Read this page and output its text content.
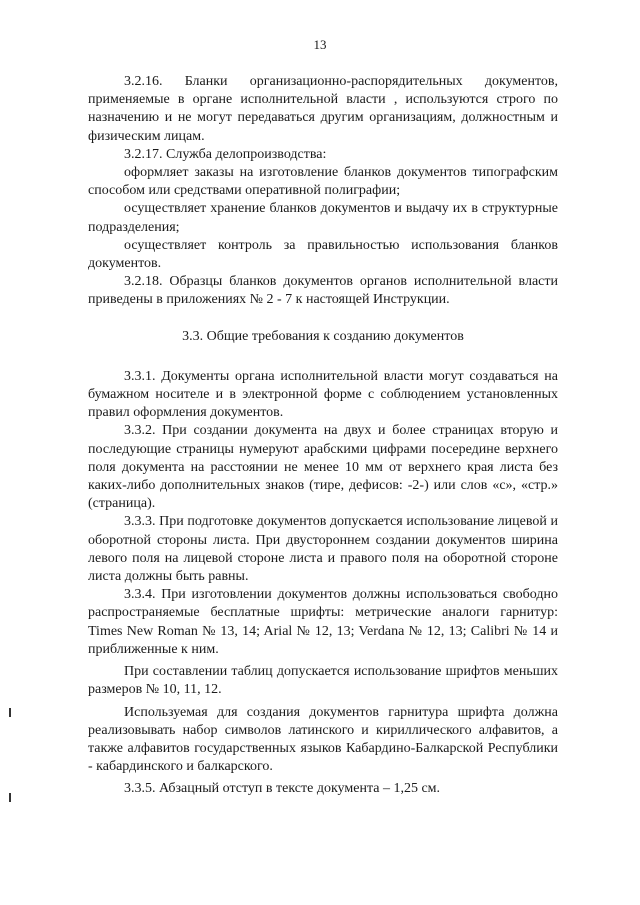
13

3.2.16. Бланки организационно-распорядительных документов, применяемые в органе исполнительной власти , используются строго по назначению и не могут передаваться другим организациям, должностным и физическим лицам.

3.2.17. Служба делопроизводства:

оформляет заказы на изготовление бланков документов типографским способом или средствами оперативной полиграфии;

осуществляет хранение бланков документов и выдачу их в структурные подразделения;

осуществляет контроль за правильностью использования бланков документов.

3.2.18. Образцы бланков документов органов исполнительной власти приведены в приложениях № 2 - 7 к настоящей Инструкции.

3.3. Общие требования к созданию документов

3.3.1. Документы органа исполнительной власти могут создаваться на бумажном носителе и в электронной форме с соблюдением установленных правил оформления документов.

3.3.2. При создании документа на двух и более страницах вторую и последующие страницы нумеруют арабскими цифрами посередине верхнего поля документа на расстоянии не менее 10 мм от верхнего края листа без каких-либо дополнительных знаков (тире, дефисов: -2-) или слов «с», «стр.» (страница).

3.3.3. При подготовке документов допускается использование лицевой и оборотной стороны листа. При двустороннем создании документов ширина левого поля на лицевой стороне листа и правого поля на оборотной стороне листа должны быть равны.

3.3.4. При изготовлении документов должны использоваться свободно распространяемые бесплатные шрифты: метрические аналоги гарнитур: Times New Roman № 13, 14; Arial № 12, 13; Verdana № 12, 13; Calibri № 14 и приближенные к ним.

При составлении таблиц допускается использование шрифтов меньших размеров № 10, 11, 12.

Используемая для создания документов гарнитура шрифта должна реализовывать набор символов латинского и кириллического алфавитов, а также алфавитов государственных языков Кабардино-Балкарской Республики - кабардинского и балкарского.

3.3.5. Абзацный отступ в тексте документа – 1,25 см.
